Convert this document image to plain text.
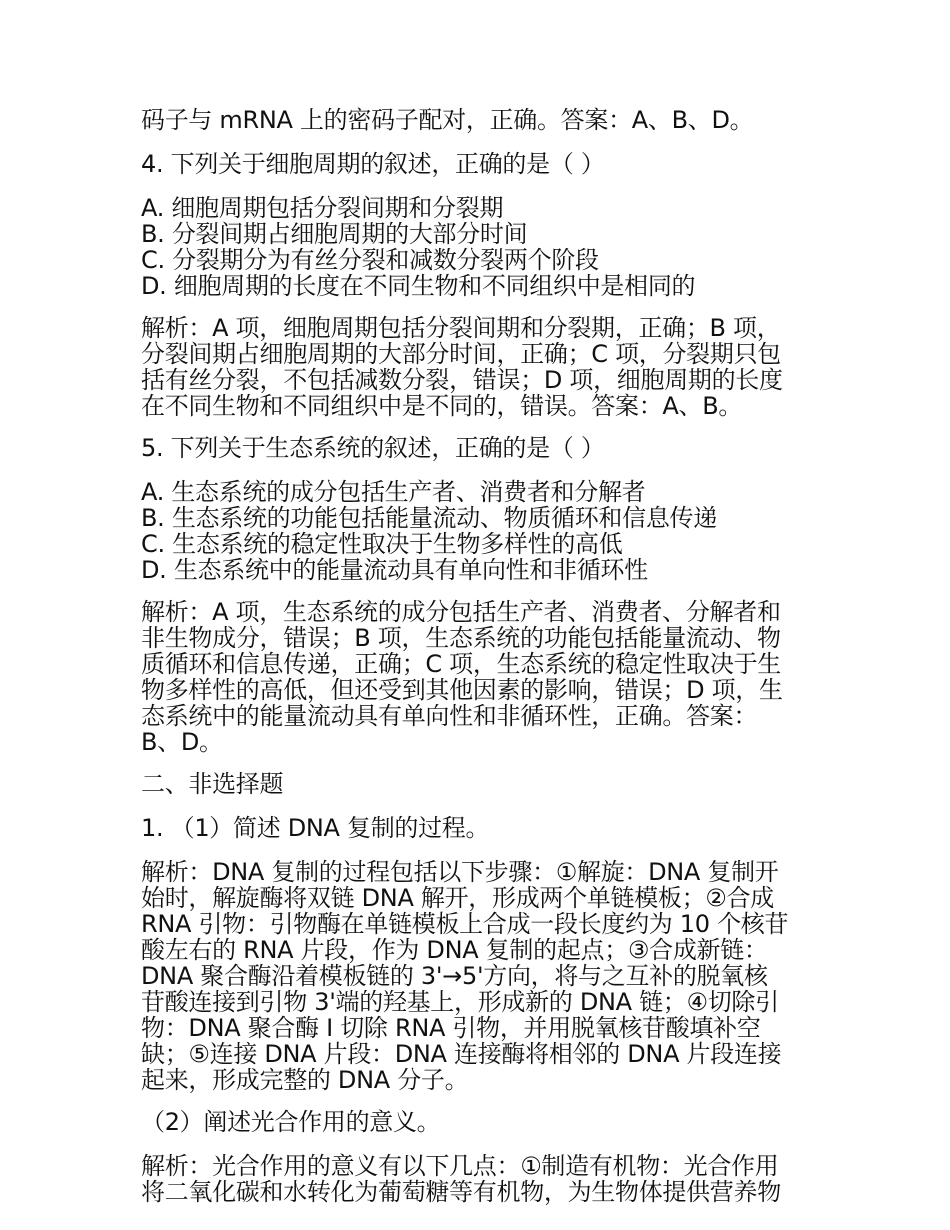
码子与 mRNA 上的密码子配对，正确。答案：A、B、D。

4. 下列关于细胞周期的叙述，正确的是（ ）

A. 细胞周期包括分裂间期和分裂期
B. 分裂间期占细胞周期的大部分时间
C. 分裂期分为有丝分裂和减数分裂两个阶段
D. 细胞周期的长度在不同生物和不同组织中是相同的
解析：A 项，细胞周期包括分裂间期和分裂期，正确；B 项，
分裂间期占细胞周期的大部分时间，正确；C 项，分裂期只包
括有丝分裂，不包括减数分裂，错误；D 项，细胞周期的长度
在不同生物和不同组织中是不同的，错误。答案：A、B。

5. 下列关于生态系统的叙述，正确的是（ ）

A. 生态系统的成分包括生产者、消费者和分解者
B. 生态系统的功能包括能量流动、物质循环和信息传递
C. 生态系统的稳定性取决于生物多样性的高低
D. 生态系统中的能量流动具有单向性和非循环性
解析：A 项，生态系统的成分包括生产者、消费者、分解者和
非生物成分，错误；B 项，生态系统的功能包括能量流动、物
质循环和信息传递，正确；C 项，生态系统的稳定性取决于生
物多样性的高低，但还受到其他因素的影响，错误；D 项，生
态系统中的能量流动具有单向性和非循环性，正确。答案：
B、D。

二、非选择题

1. （1）简述 DNA 复制的过程。

解析：DNA 复制的过程包括以下步骤：①解旋：DNA 复制开
始时，解旋酶将双链 DNA 解开，形成两个单链模板；②合成
RNA 引物：引物酶在单链模板上合成一段长度约为 10 个核苷
酸左右的 RNA 片段，作为 DNA 复制的起点；③合成新链：
DNA 聚合酶沿着模板链的 3'→5'方向，将与之互补的脱氧核
苷酸连接到引物 3'端的羟基上，形成新的 DNA 链；④切除引
物：DNA 聚合酶 I 切除 RNA 引物，并用脱氧核苷酸填补空
缺；⑤连接 DNA 片段：DNA 连接酶将相邻的 DNA 片段连接
起来，形成完整的 DNA 分子。

（2）阐述光合作用的意义。

解析：光合作用的意义有以下几点：①制造有机物：光合作用
将二氧化碳和水转化为葡萄糖等有机物，为生物体提供营养物
